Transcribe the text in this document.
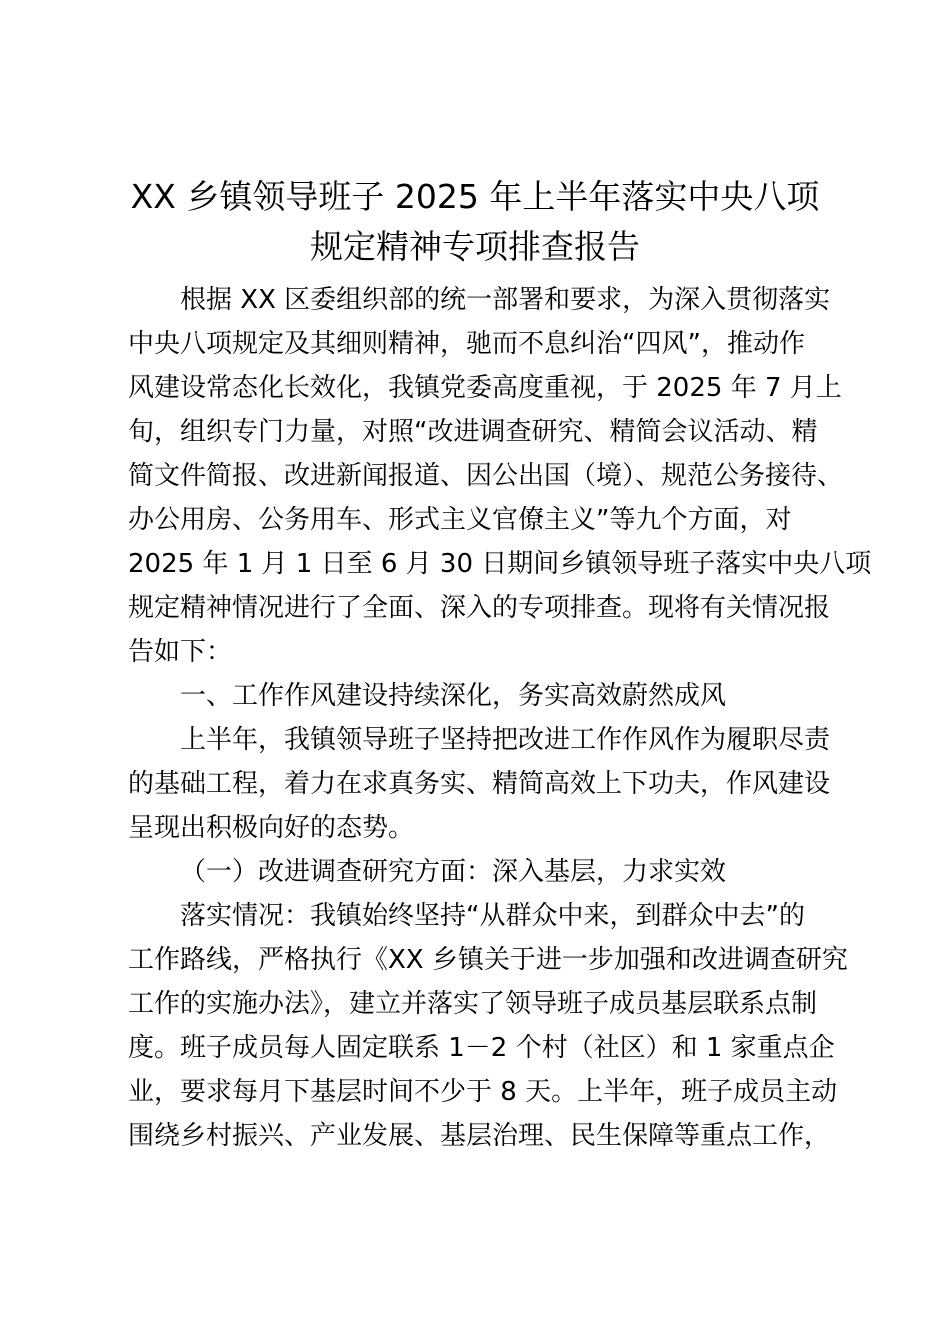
XX 乡镇领导班子 2025 年上半年落实中央八项
规定精神专项排查报告
根据 XX 区委组织部的统一部署和要求，为深入贯彻落实
中央八项规定及其细则精神，驰而不息纠治“四风”，推动作
风建设常态化长效化，我镇党委高度重视，于 2025 年 7 月上
旬，组织专门力量，对照“改进调查研究、精简会议活动、精
简文件简报、改进新闻报道、因公出国（境）、规范公务接待、
办公用房、公务用车、形式主义官僚主义”等九个方面，对
2025 年 1 月 1 日至 6 月 30 日期间乡镇领导班子落实中央八项
规定精神情况进行了全面、深入的专项排查。现将有关情况报
告如下：
一、工作作风建设持续深化，务实高效蔚然成风
上半年，我镇领导班子坚持把改进工作作风作为履职尽责
的基础工程，着力在求真务实、精简高效上下功夫，作风建设
呈现出积极向好的态势。
（一）改进调查研究方面：深入基层，力求实效
落实情况：我镇始终坚持“从群众中来，到群众中去”的
工作路线，严格执行《XX 乡镇关于进一步加强和改进调查研究
工作的实施办法》，建立并落实了领导班子成员基层联系点制
度。班子成员每人固定联系 1－2 个村（社区）和 1 家重点企
业，要求每月下基层时间不少于 8 天。上半年，班子成员主动
围绕乡村振兴、产业发展、基层治理、民生保障等重点工作，
